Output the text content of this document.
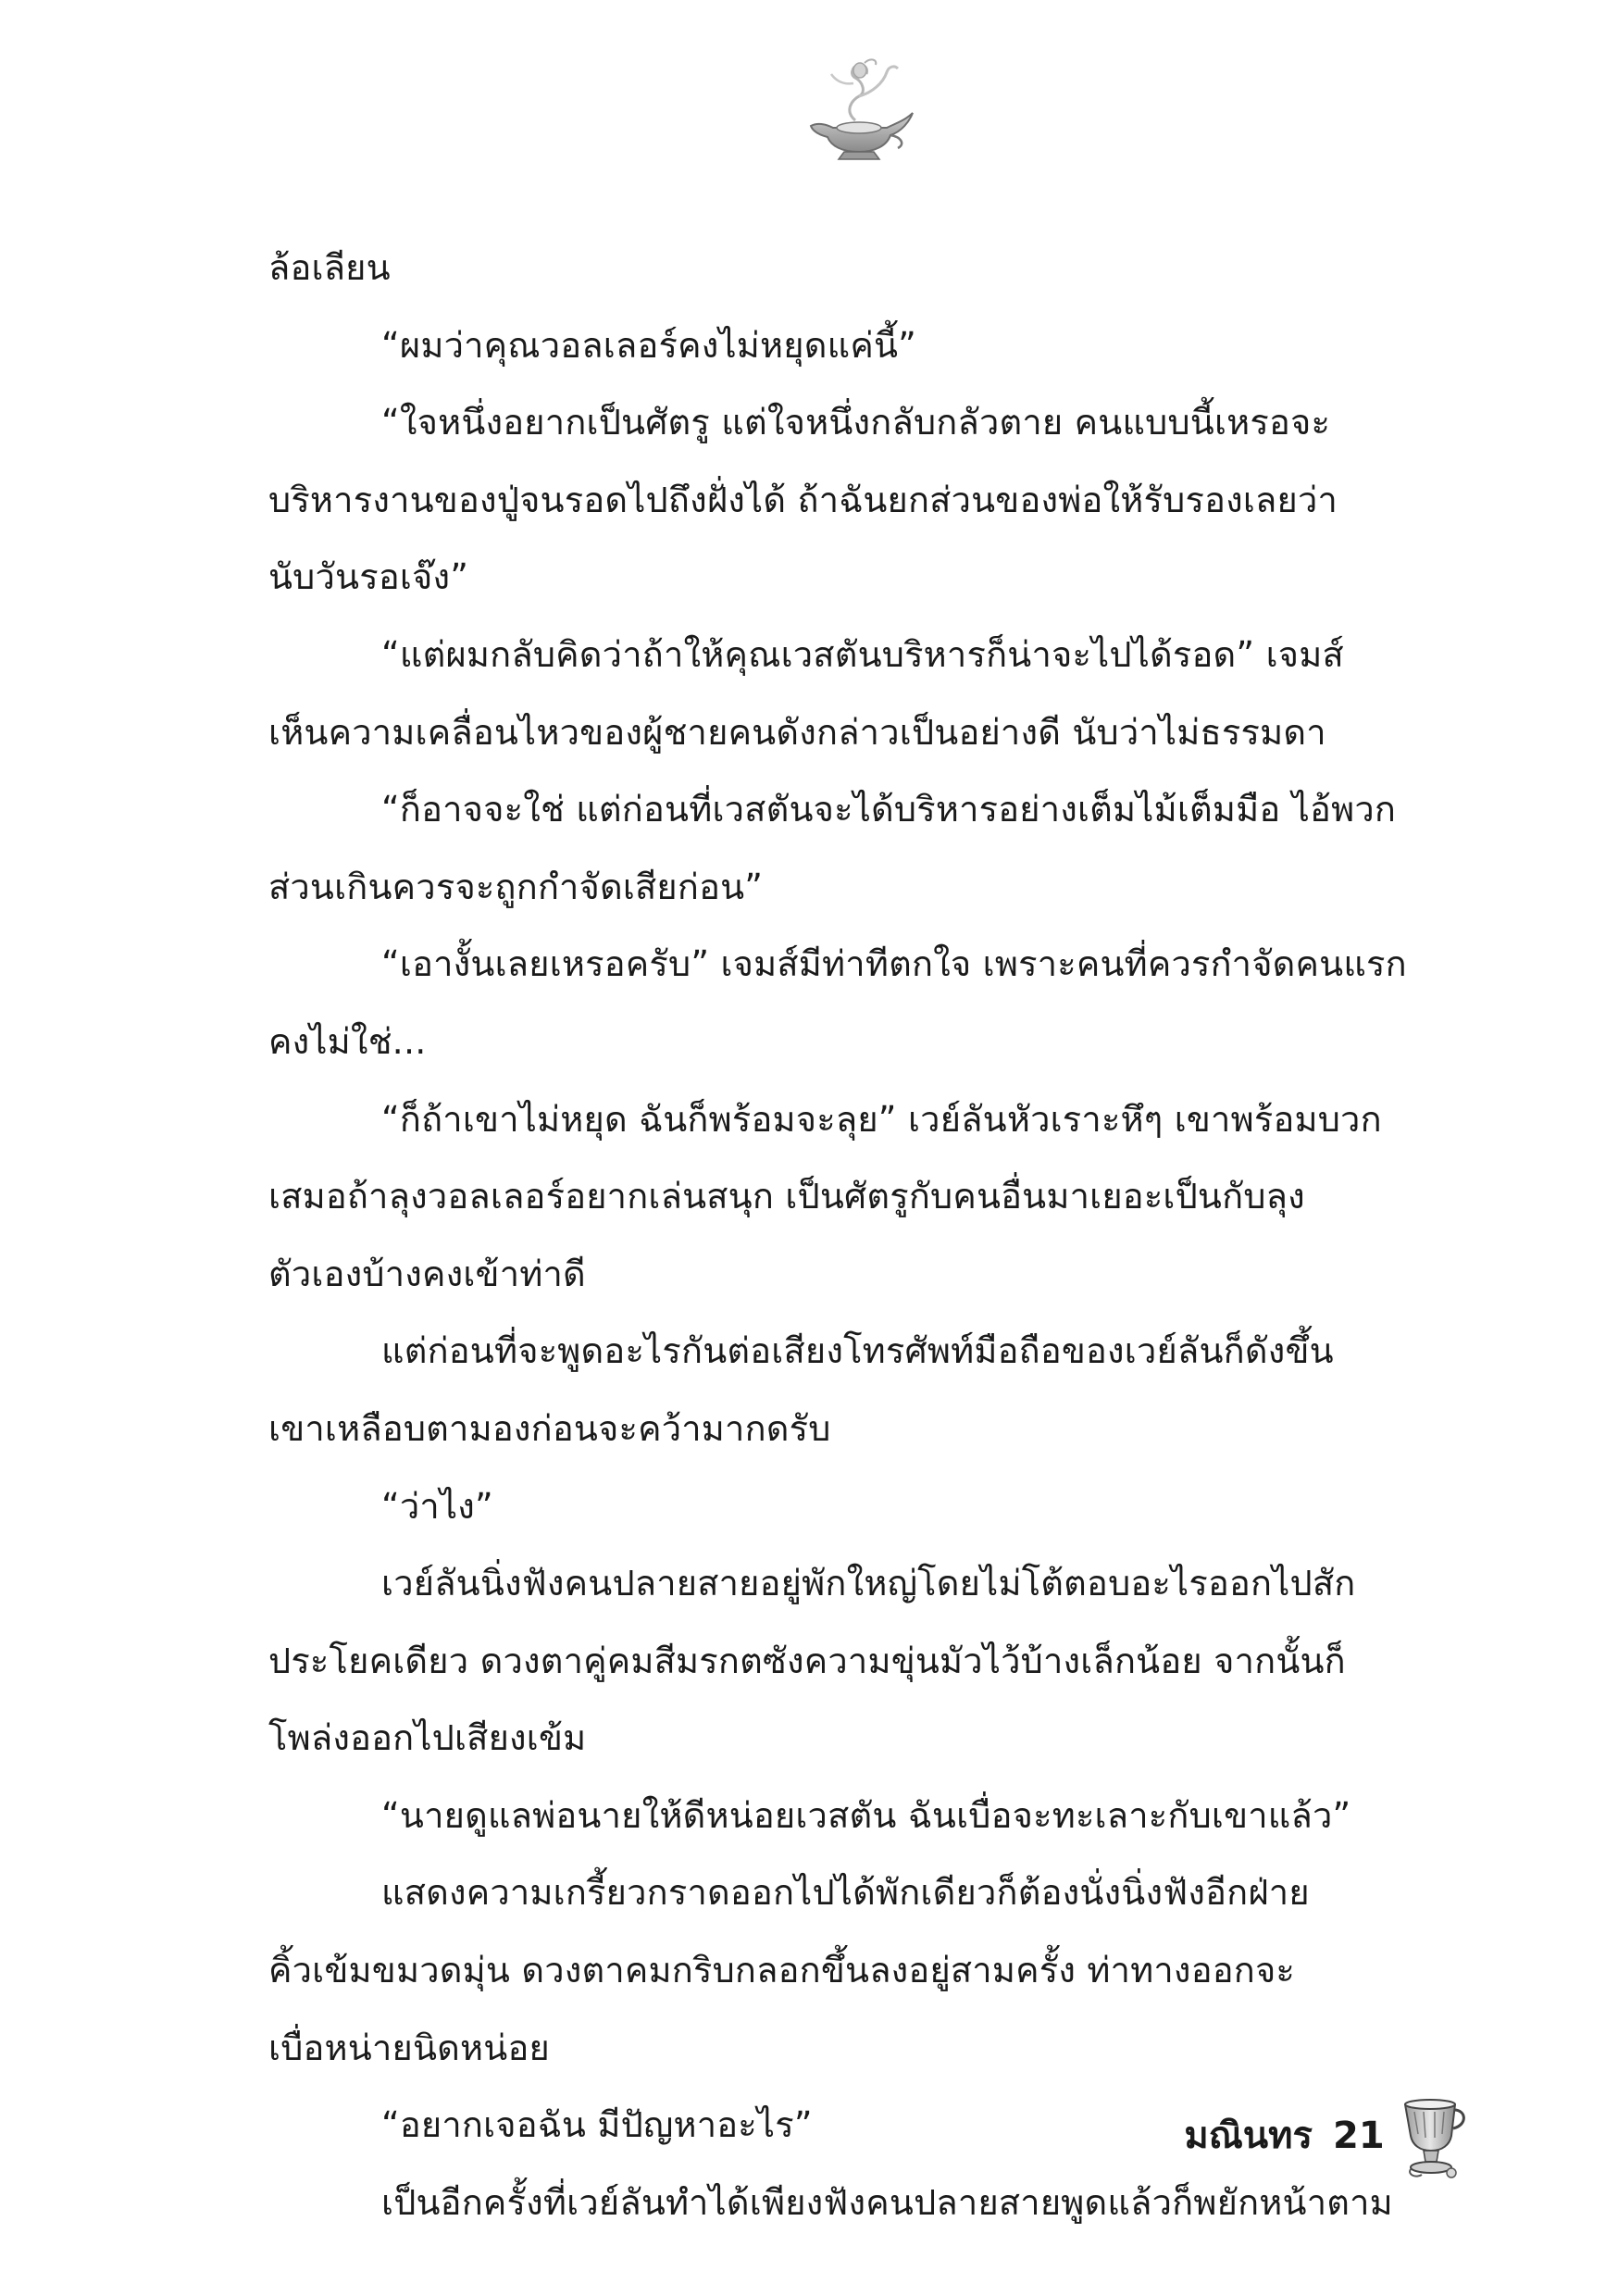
ล้อเลียน
“ผมว่าคุณวอลเลอร์คงไม่หยุดแค่นี้”
“ใจหนึ่งอยากเป็นศัตรู แต่ใจหนึ่งกลับกลัวตาย คนแบบนี้เหรอจะ
บริหารงานของปู่จนรอดไปถึงฝั่งได้ ถ้าฉันยกส่วนของพ่อให้รับรองเลยว่า
นับวันรอเจ๊ง”
“แต่ผมกลับคิดว่าถ้าให้คุณเวสตันบริหารก็น่าจะไปได้รอด” เจมส์
เห็นความเคลื่อนไหวของผู้ชายคนดังกล่าวเป็นอย่างดี นับว่าไม่ธรรมดา
“ก็อาจจะใช่ แต่ก่อนที่เวสตันจะได้บริหารอย่างเต็มไม้เต็มมือ ไอ้พวก
ส่วนเกินควรจะถูกกำจัดเสียก่อน”
“เอางั้นเลยเหรอครับ” เจมส์มีท่าทีตกใจ เพราะคนที่ควรกำจัดคนแรก
คงไม่ใช่...
“ก็ถ้าเขาไม่หยุด ฉันก็พร้อมจะลุย” เวย์ลันหัวเราะหึๆ เขาพร้อมบวก
เสมอถ้าลุงวอลเลอร์อยากเล่นสนุก เป็นศัตรูกับคนอื่นมาเยอะเป็นกับลุง
ตัวเองบ้างคงเข้าท่าดี
แต่ก่อนที่จะพูดอะไรกันต่อเสียงโทรศัพท์มือถือของเวย์ลันก็ดังขึ้น
เขาเหลือบตามองก่อนจะคว้ามากดรับ
“ว่าไง”
เวย์ลันนิ่งฟังคนปลายสายอยู่พักใหญ่โดยไม่โต้ตอบอะไรออกไปสัก
ประโยคเดียว ดวงตาคู่คมสีมรกตซังความขุ่นมัวไว้บ้างเล็กน้อย จากนั้นก็
โพล่งออกไปเสียงเข้ม
“นายดูแลพ่อนายให้ดีหน่อยเวสตัน ฉันเบื่อจะทะเลาะกับเขาแล้ว”
แสดงความเกรี้ยวกราดออกไปได้พักเดียวก็ต้องนั่งนิ่งฟังอีกฝ่าย
คิ้วเข้มขมวดมุ่น ดวงตาคมกริบกลอกขึ้นลงอยู่สามครั้ง ท่าทางออกจะ
เบื่อหน่ายนิดหน่อย
“อยากเจอฉัน มีปัญหาอะไร”
เป็นอีกครั้งที่เวย์ลันทำได้เพียงฟังคนปลายสายพูดแล้วก็พยักหน้าตาม
มณินทร 21
